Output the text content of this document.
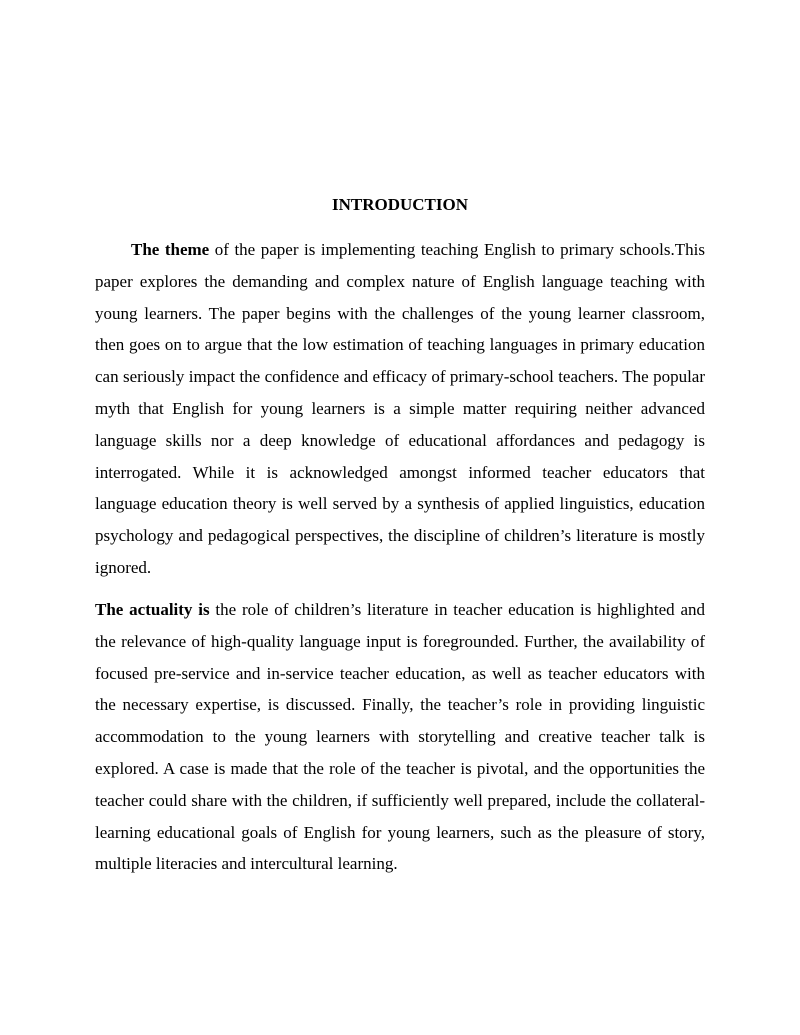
INTRODUCTION

The theme of the paper is implementing teaching English to primary schools.This paper explores the demanding and complex nature of English language teaching with young learners. The paper begins with the challenges of the young learner classroom, then goes on to argue that the low estimation of teaching languages in primary education can seriously impact the confidence and efficacy of primary-school teachers. The popular myth that English for young learners is a simple matter requiring neither advanced language skills nor a deep knowledge of educational affordances and pedagogy is interrogated. While it is acknowledged amongst informed teacher educators that language education theory is well served by a synthesis of applied linguistics, education psychology and pedagogical perspectives, the discipline of children’s literature is mostly ignored.

The actuality is the role of children’s literature in teacher education is highlighted and the relevance of high-quality language input is foregrounded. Further, the availability of focused pre-service and in-service teacher education, as well as teacher educators with the necessary expertise, is discussed. Finally, the teacher’s role in providing linguistic accommodation to the young learners with storytelling and creative teacher talk is explored. A case is made that the role of the teacher is pivotal, and the opportunities the teacher could share with the children, if sufficiently well prepared, include the collateral-learning educational goals of English for young learners, such as the pleasure of story, multiple literacies and intercultural learning.
